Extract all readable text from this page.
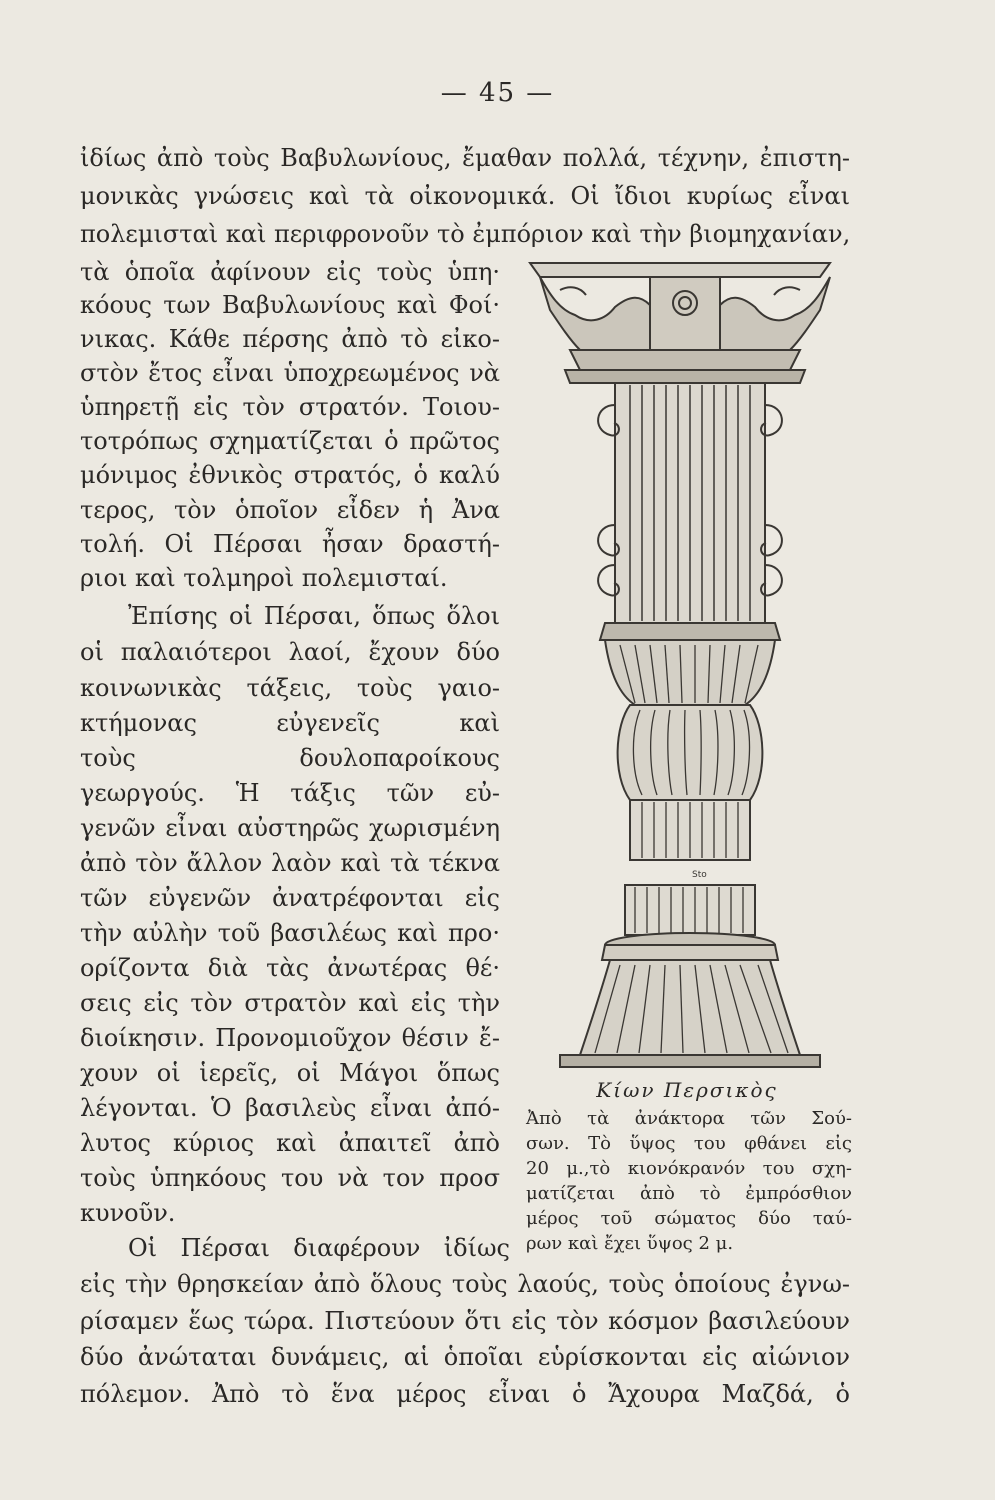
— 45 —
ἰδίως ἀπὸ τοὺς Βαβυλωνίους, ἔμαθαν πολλά, τέχνην, ἐπιστη-
μονικὰς γνώσεις καὶ τὰ οἰκονομικά. Οἱ ἴδιοι κυρίως εἶναι
πολεμισταὶ καὶ περιφρονοῦν τὸ ἐμπόριον καὶ τὴν βιομηχανίαν,
τὰ ὁποῖα ἀφίνουν εἰς τοὺς ὑπη·
κόους των Βαβυλωνίους καὶ Φοί·
νικας. Κάθε πέρσης ἀπὸ τὸ εἰκο-
στὸν ἔτος εἶναι ὑποχρεωμένος νὰ
ὑπηρετῇ εἰς τὸν στρατόν. Τοιου-
τοτρόπως σχηματίζεται ὁ πρῶτος
μόνιμος ἐθνικὸς στρατός, ὁ καλύ
τερος, τὸν ὁποῖον εἶδεν ἡ Ἀνα
τολή. Οἱ Πέρσαι ἦσαν δραστή-
ριοι καὶ τολμηροὶ πολεμισταί.
Ἐπίσης οἱ Πέρσαι, ὅπως ὅλοι
οἱ παλαιότεροι λαοί, ἔχουν δύο
κοινωνικὰς τάξεις, τοὺς γαιο-
κτήμονας εὐγενεῖς καὶ
τοὺς δουλοπαροίκους
γεωργούς. Ἡ τάξις τῶν εὐ-
γενῶν εἶναι αὐστηρῶς χωρισμένη
ἀπὸ τὸν ἄλλον λαὸν καὶ τὰ τέκνα
τῶν εὐγενῶν ἀνατρέφονται εἰς
τὴν αὐλὴν τοῦ βασιλέως καὶ προ·
ορίζοντα διὰ τὰς ἀνωτέρας θέ·
σεις εἰς τὸν στρατὸν καὶ εἰς τὴν
διοίκησιν. Προνομιοῦχον θέσιν ἔ-
χουν οἱ ἱερεῖς, οἱ Μάγοι ὅπως
λέγονται. Ὁ βασιλεὺς εἶναι ἀπό-
λυτος κύριος καὶ ἀπαιτεῖ ἀπὸ
τοὺς ὑπηκόους του νὰ τον προσ
κυνοῦν.
Οἱ Πέρσαι διαφέρουν ἰδίως
εἰς τὴν θρησκείαν ἀπὸ ὅλους τοὺς λαούς, τοὺς ὁποίους ἐγνω-
ρίσαμεν ἕως τώρα. Πιστεύουν ὅτι εἰς τὸν κόσμον βασιλεύουν
δύο ἀνώταται δυνάμεις, αἱ ὁποῖαι εὑρίσκονται εἰς αἰώνιον
πόλεμον. Ἀπὸ τὸ ἕνα μέρος εἶναι ὁ Ἄχουρα Μαζδά, ὁ
Sto
Κίων Περσικὸς
Ἀπὸ τὰ ἀνάκτορα τῶν Σού-
σων. Τὸ ὕψος του φθάνει εἰς
20 μ.,τὸ κιονόκρανόν του σχη-
ματίζεται ἀπὸ τὸ ἐμπρόσθιον
μέρος τοῦ σώματος δύο ταύ-
ρων καὶ ἔχει ὕψος 2 μ.
